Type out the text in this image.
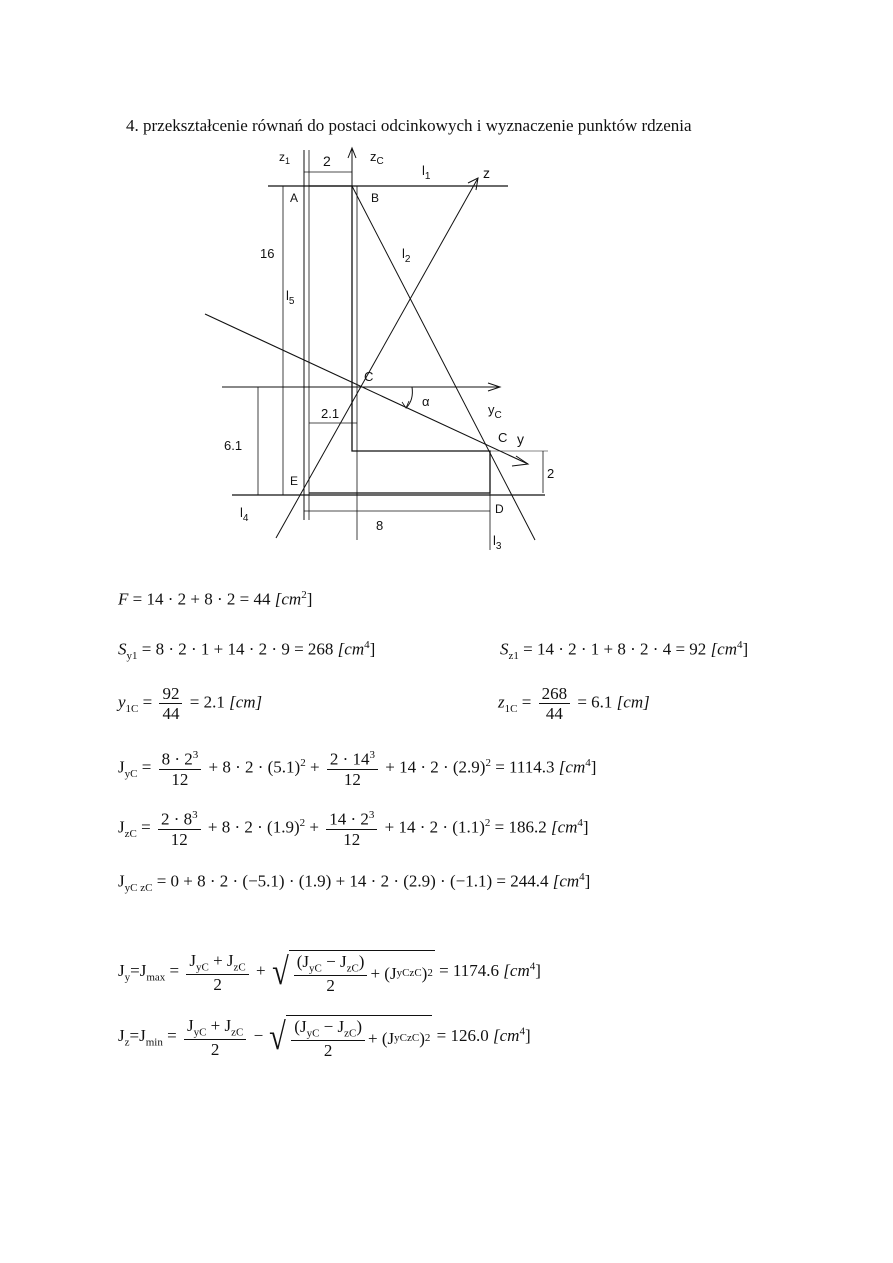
4. przekształcenie równań do postaci odcinkowych i wyznaczenie punktów rdzenia
$z_1$ 2	$z_C$
$l_1$	z
A	B
$l_2$
16
$l_5$
C
α
$y_C$
2.1
6.1
C y
2
E
D
$l_4$	8
$l_3$
F = 14 · 2 + 8 · 2 = 44 $[cm^2]$
$S_{y1} = 8 \cdot 2 \cdot 1 + 14 \cdot 2 \cdot 9 = 268$ $[cm^4]$	$S_{z1} = 14 \cdot 2 \cdot 1 + 8 \cdot 2 \cdot 4 = 92$ $[cm^4]$
$y_{1C} = \frac{92}{44} = 2.1$ [cm]	$z_{1C} = \frac{268}{44} = 6.1$ [cm]
$J_{yC} = \frac{8 \cdot 2^3}{12} + 8 \cdot 2 \cdot (5.1)^2 + \frac{2 \cdot 14^3}{12} + 14 \cdot 2 \cdot (2.9)^2 = 1114.3$ $[cm^4]$
$J_{zC} = \frac{2 \cdot 8^3}{12} + 8 \cdot 2 \cdot (1.9)^2 + \frac{14 \cdot 2^3}{12} + 14 \cdot 2 \cdot (1.1)^2 = 186.2$ $[cm^4]$
$J_{yC zC} = 0 + 8 \cdot 2 \cdot (-5.1) \cdot (1.9) + 14 \cdot 2 \cdot (2.9) \cdot (-1.1) = 244.4$ $[cm^4]$
$J_y=J_{max} = \frac{J_{yC} + J_{zC}}{2}$ + √ $\frac{(J_{yC} - J_{zC})}{2} + (J$ yCzC ) 2 = 1174.6 $[cm^4]$
$J_z=J_{min} = \frac{J_{yC} + J_{zC}}{2}$ − √ $\frac{(J_{yC} - J_{zC})}{2} + (J$ yCzC ) 2 = 126.0 $[cm^4]$
